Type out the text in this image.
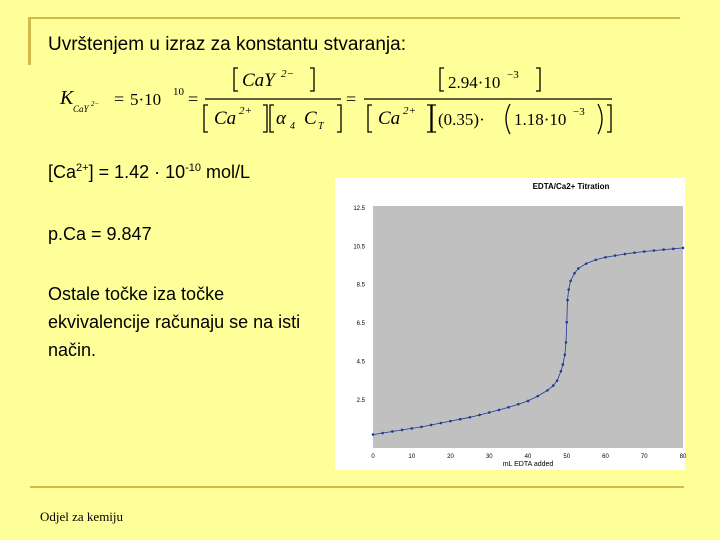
Uvrštenjem u izraz za konstantu stvaranja:
K CaY 2− = 5·10 10 =
CaY 2−
Ca 2+ α 4 C T
=
2.94·10 −3
Ca 2+ (0.35)· 1.18·10 −3
$[Ca^{2+}] = 1.42 \cdot 10^{-10}$ mol/L
p.Ca = 9.847
Ostale točke iza točke ekvivalencije računaju se na isti način.
Odjel za kemiju
EDTA/Ca2+ Titration
mL EDTA added
0	10	20	30	40	50	60	70	80
2.5
4.5
6.5
8.5
10.5
12.5
